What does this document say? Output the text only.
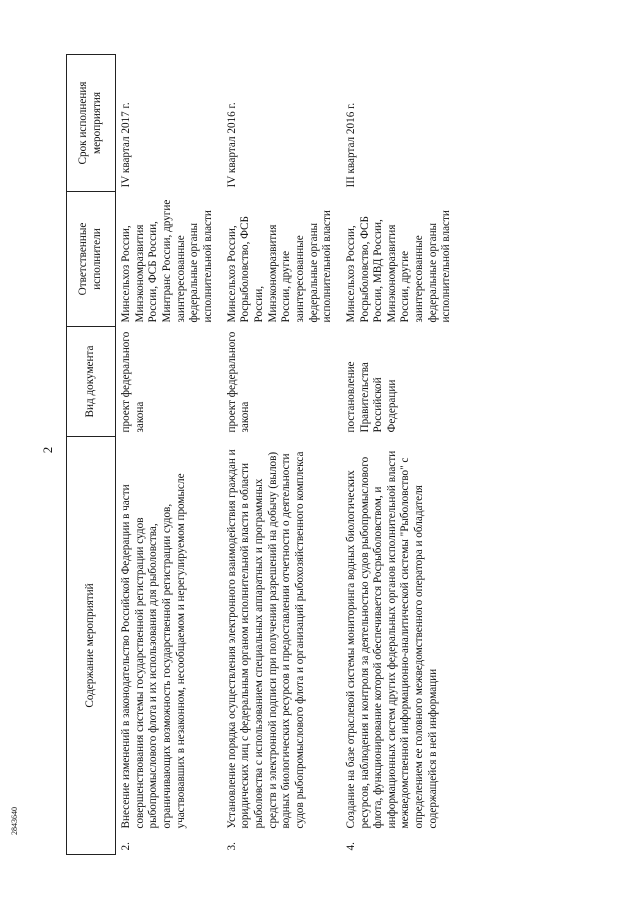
2
2843640
Содержание мероприятий	Вид документа	Ответственные исполнители	Срок исполнения мероприятия

2.
Внесение изменений в законодательство Российской Федерации в части совершенствования системы государственной регистрации судов рыбопромыслового флота и их использования для рыболовства, ограничивающих возможность государственной регистрации судов, участвовавших в незаконном, несообщаемом и нерегулируемом промысле	проект федерального закона	Минсельхоз России, Минэкономразвития России, ФСБ России, Минтранс России, другие заинтересованные федеральные органы исполнительной власти	IV квартал 2017 г.

3.
Установление порядка осуществления электронного взаимодействия граждан и юридических лиц с федеральным органом исполнительной власти в области рыболовства с использованием специальных аппаратных и программных средств и электронной подписи при получении разрешений на добычу (вылов) водных биологических ресурсов и предоставлении отчетности о деятельности судов рыбопромыслового флота и организаций рыбохозяйственного комплекса	проект федерального закона	Минсельхоз России, Росрыболовство, ФСБ России, Минэкономразвития России, другие заинтересованные федеральные органы исполнительной власти	IV квартал 2016 г.

4.
Создание на базе отраслевой системы мониторинга водных биологических ресурсов, наблюдения и контроля за деятельностью судов рыбопромыслового флота, функционирование которой обеспечивается Росрыболовством, и информационных систем других федеральных органов исполнительной власти межведомственной информационно-аналитической системы "Рыболовство" с определением ее головного межведомственного оператора и обладателя содержащейся в ней информации	постановление Правительства Российской Федерации	Минсельхоз России, Росрыболовство, ФСБ России, МВД России, Минэкономразвития России, другие заинтересованные федеральные органы исполнительной власти	III квартал 2016 г.
